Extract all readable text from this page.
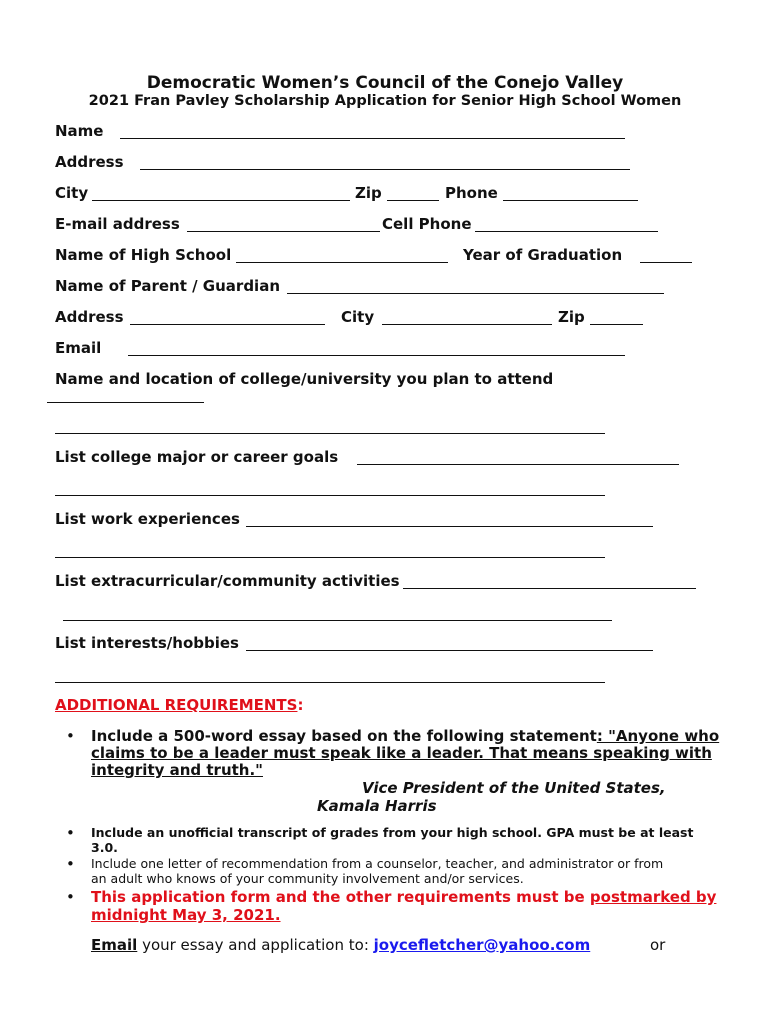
Democratic Women’s Council of the Conejo Valley
2021 Fran Pavley Scholarship Application for Senior High School Women
Name
Address
City	Zip	Phone
E-mail address	Cell Phone
Name of High School	Year of Graduation
Name of Parent / Guardian
Address	City	Zip
Email
Name and location of college/university you plan to attend
List college major or career goals
List work experiences
List extracurricular/community activities
List interests/hobbies
ADDITIONAL REQUIREMENTS:
• Include a 500-word essay based on the following statement: "Anyone who
claims to be a leader must speak like a leader. That means speaking with
integrity and truth."
Vice President of the United States,
Kamala Harris
• Include an unofficial transcript of grades from your high school. GPA must be at least
3.0.
• Include one letter of recommendation from a counselor, teacher, and administrator or from
an adult who knows of your community involvement and/or services.
• This application form and the other requirements must be postmarked by
midnight May 3, 2021.
Email your essay and application to: joycefletcher@yahoo.com	or
